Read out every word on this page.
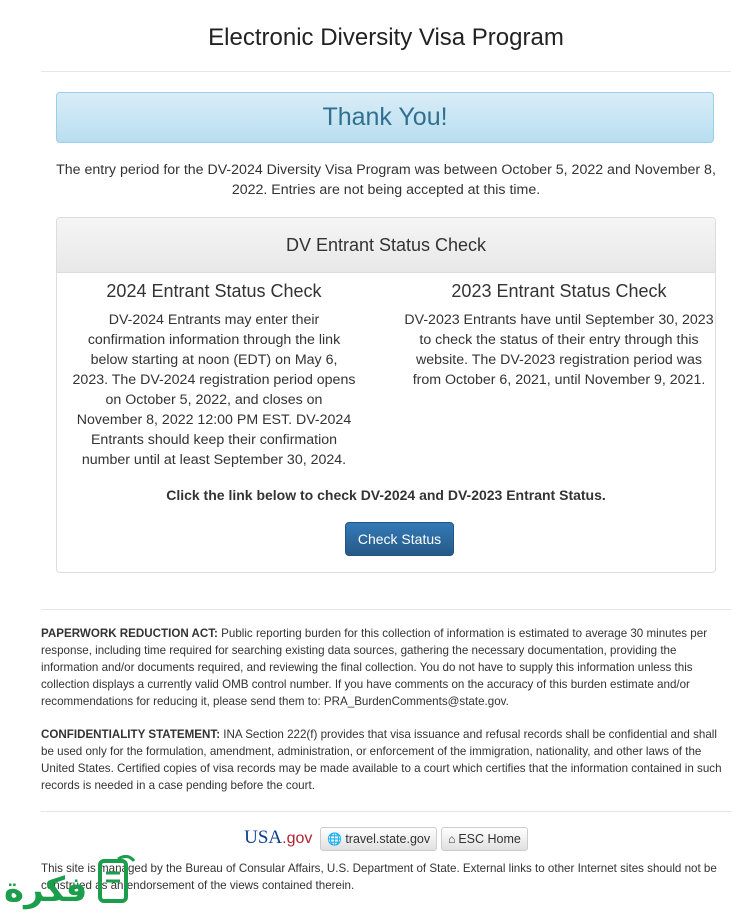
Electronic Diversity Visa Program
Thank You!
The entry period for the DV-2024 Diversity Visa Program was between October 5, 2022 and November 8, 2022. Entries are not being accepted at this time.
DV Entrant Status Check
2024 Entrant Status Check

DV-2024 Entrants may enter their confirmation information through the link below starting at noon (EDT) on May 6, 2023. The DV-2024 registration period opens on October 5, 2022, and closes on November 8, 2022 12:00 PM EST. DV-2024 Entrants should keep their confirmation number until at least September 30, 2024.

2023 Entrant Status Check

DV-2023 Entrants have until September 30, 2023 to check the status of their entry through this website. The DV-2023 registration period was from October 6, 2021, until November 9, 2021.

Click the link below to check DV-2024 and DV-2023 Entrant Status.
Check Status
PAPERWORK REDUCTION ACT: Public reporting burden for this collection of information is estimated to average 30 minutes per response, including time required for searching existing data sources, gathering the necessary documentation, providing the information and/or documents required, and reviewing the final collection. You do not have to supply this information unless this collection displays a currently valid OMB control number. If you have comments on the accuracy of this burden estimate and/or recommendations for reducing it, please send them to: PRA_BurdenComments@state.gov.
CONFIDENTIALITY STATEMENT: INA Section 222(f) provides that visa issuance and refusal records shall be confidential and shall be used only for the formulation, amendment, administration, or enforcement of the immigration, nationality, and other laws of the United States. Certified copies of visa records may be made available to a court which certifies that the information contained in such records is needed in a case pending before the court.
USA.gov 🌐 travel.state.gov ⌂ ESC Home
This site is managed by the Bureau of Consular Affairs, U.S. Department of State. External links to other Internet sites should not be construed as an endorsement of the views contained therein.
فكرة
